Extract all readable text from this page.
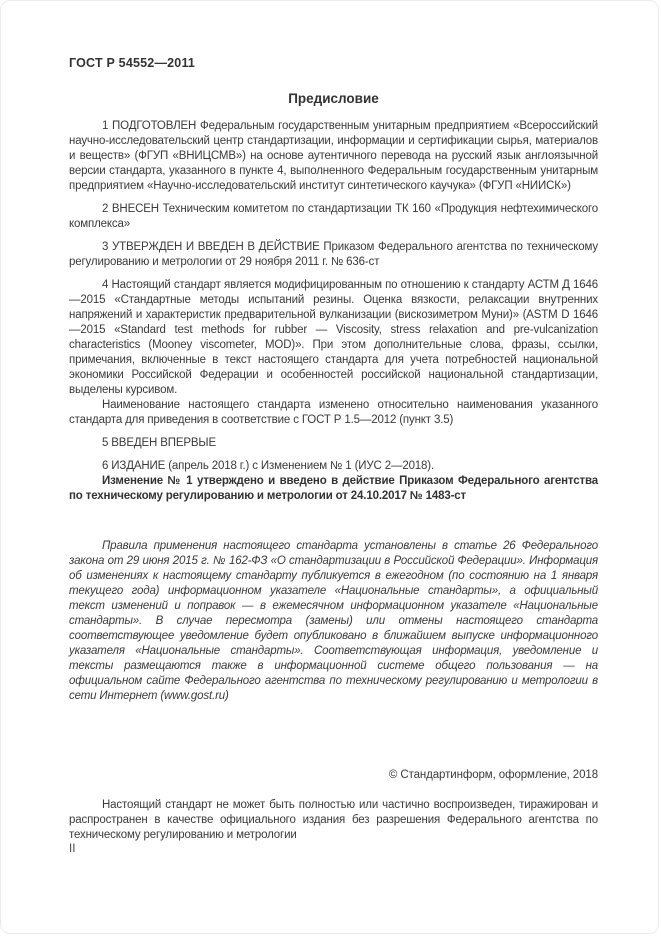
ГОСТ Р 54552—2011
Предисловие

1 ПОДГОТОВЛЕН Федеральным государственным унитарным предприятием «Всероссийский научно-исследовательский центр стандартизации, информации и сертификации сырья, материалов и веществ» (ФГУП «ВНИЦСМВ») на основе аутентичного перевода на русский язык англоязычной версии стандарта, указанного в пункте 4, выполненного Федеральным государственным унитарным предприятием «Научно-исследовательский институт синтетического каучука» (ФГУП «НИИСК»)

2 ВНЕСЕН Техническим комитетом по стандартизации ТК 160 «Продукция нефтехимического комплекса»

3 УТВЕРЖДЕН И ВВЕДЕН В ДЕЙСТВИЕ Приказом Федерального агентства по техническому регулированию и метрологии от 29 ноября 2011 г. № 636-ст

4 Настоящий стандарт является модифицированным по отношению к стандарту АСТМ Д 1646—2015 «Стандартные методы испытаний резины. Оценка вязкости, релаксации внутренних напряжений и характеристик предварительной вулканизации (вискозиметром Муни)» (ASTM D 1646—2015 «Standard test methods for rubber — Viscosity, stress relaxation and pre-vulcanization characteristics (Mooney viscometer, MOD)». При этом дополнительные слова, фразы, ссылки, примечания, включенные в текст настоящего стандарта для учета потребностей национальной экономики Российской Федерации и особенностей российской национальной стандартизации, выделены курсивом.

Наименование настоящего стандарта изменено относительно наименования указанного стандарта для приведения в соответствие с ГОСТ Р 1.5—2012 (пункт 3.5)

5 ВВЕДЕН ВПЕРВЫЕ

6 ИЗДАНИЕ (апрель 2018 г.) с Изменением № 1 (ИУС 2—2018).

Изменение № 1 утверждено и введено в действие Приказом Федерального агентства по техническому регулированию и метрологии от 24.10.2017 № 1483-ст

Правила применения настоящего стандарта установлены в статье 26 Федерального закона от 29 июня 2015 г. № 162-ФЗ «О стандартизации в Российской Федерации». Информация об изменениях к настоящему стандарту публикуется в ежегодном (по состоянию на 1 января текущего года) информационном указателе «Национальные стандарты», а официальный текст изменений и поправок — в ежемесячном информационном указателе «Национальные стандарты». В случае пересмотра (замены) или отмены настоящего стандарта соответствующее уведомление будет опубликовано в ближайшем выпуске информационного указателя «Национальные стандарты». Соответствующая информация, уведомление и тексты размещаются также в информационной системе общего пользования — на официальном сайте Федерального агентства по техническому регулированию и метрологии в сети Интернет (www.gost.ru)

© Стандартинформ, оформление, 2018

Настоящий стандарт не может быть полностью или частично воспроизведен, тиражирован и распространен в качестве официального издания без разрешения Федерального агентства по техническому регулированию и метрологии

II
